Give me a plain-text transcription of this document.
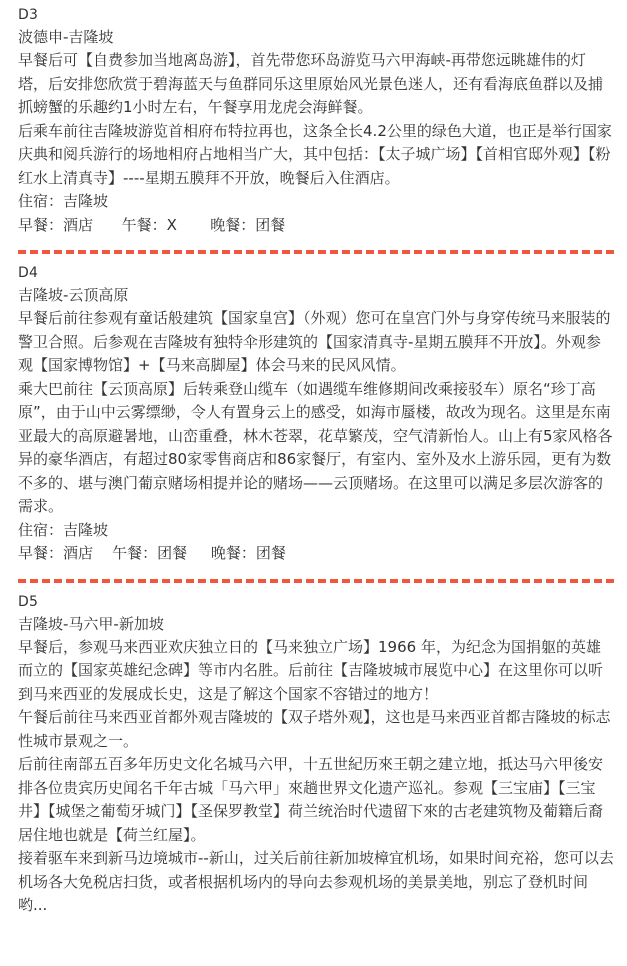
D3
波德申-吉隆坡

早餐后可【自费参加当地离岛游】，首先带您环岛游览马六甲海峡-再带您远眺雄伟的灯塔，后安排您欣赏于碧海蓝天与鱼群同乐这里原始风光景色迷人，还有看海底鱼群以及捕抓螃蟹的乐趣约1小时左右，午餐享用龙虎会海鲜餐。

后乘车前往吉隆坡游览首相府布特拉再也，这条全长4.2公里的绿色大道，也正是举行国家庆典和阅兵游行的场地相府占地相当广大，其中包括：【太子城广场】【首相官邸外观】【粉红水上清真寺】----星期五膜拜不开放，晚餐后入住酒店。

住宿：吉隆坡
早餐：酒店      午餐：X       晚餐：团餐
D4
吉隆坡-云顶高原

早餐后前往参观有童话般建筑【国家皇宫】（外观）您可在皇宫门外与身穿传统马来服装的警卫合照。后参观在吉隆坡有独特伞形建筑的【国家清真寺-星期五膜拜不开放】。外观参观【国家博物馆】+【马来高脚屋】体会马来的民风风情。

乘大巴前往【云顶高原】后转乘登山缆车（如遇缆车维修期间改乘接驳车）原名“珍丁高原”，由于山中云雾缥缈，令人有置身云上的感受，如海市蜃楼，故改为现名。这里是东南亚最大的高原避暑地，山峦重叠，林木苍翠，花草繁茂，空气清新怡人。山上有5家风格各异的豪华酒店，有超过80家零售商店和86家餐厅，有室内、室外及水上游乐园，更有为数不多的、堪与澳门葡京赌场相提并论的赌场——云顶赌场。在这里可以满足多层次游客的需求。

住宿：吉隆坡
早餐：酒店    午餐：团餐     晚餐：团餐
D5
吉隆坡-马六甲-新加坡

早餐后，参观马来西亚欢庆独立日的【马来独立广场】1966 年，为纪念为国捐躯的英雄而立的【国家英雄纪念碑】等市内名胜。后前往【吉隆坡城市展览中心】在这里你可以听到马来西亚的发展成长史，这是了解这个国家不容错过的地方！

午餐后前往马来西亚首都外观吉隆坡的【双子塔外观】，这也是马来西亚首都吉隆坡的标志性城市景观之一。

后前往南部五百多年历史文化名城马六甲，十五世紀历來王朝之建立地，抵达马六甲後安排各位贵宾历史闻名千年古城「马六甲」來趟世界文化遗产巡礼。参观【三宝庙】【三宝井】【城堡之葡萄牙城门】【圣保罗教堂】荷兰统治时代遗留下來的古老建筑物及葡籍后裔居住地也就是【荷兰红屋】。

接着驱车来到新马边境城市--新山，过关后前往新加坡樟宜机场，如果时间充裕，您可以去机场各大免税店扫货，或者根据机场内的导向去参观机场的美景美地，别忘了登机时间哟...
